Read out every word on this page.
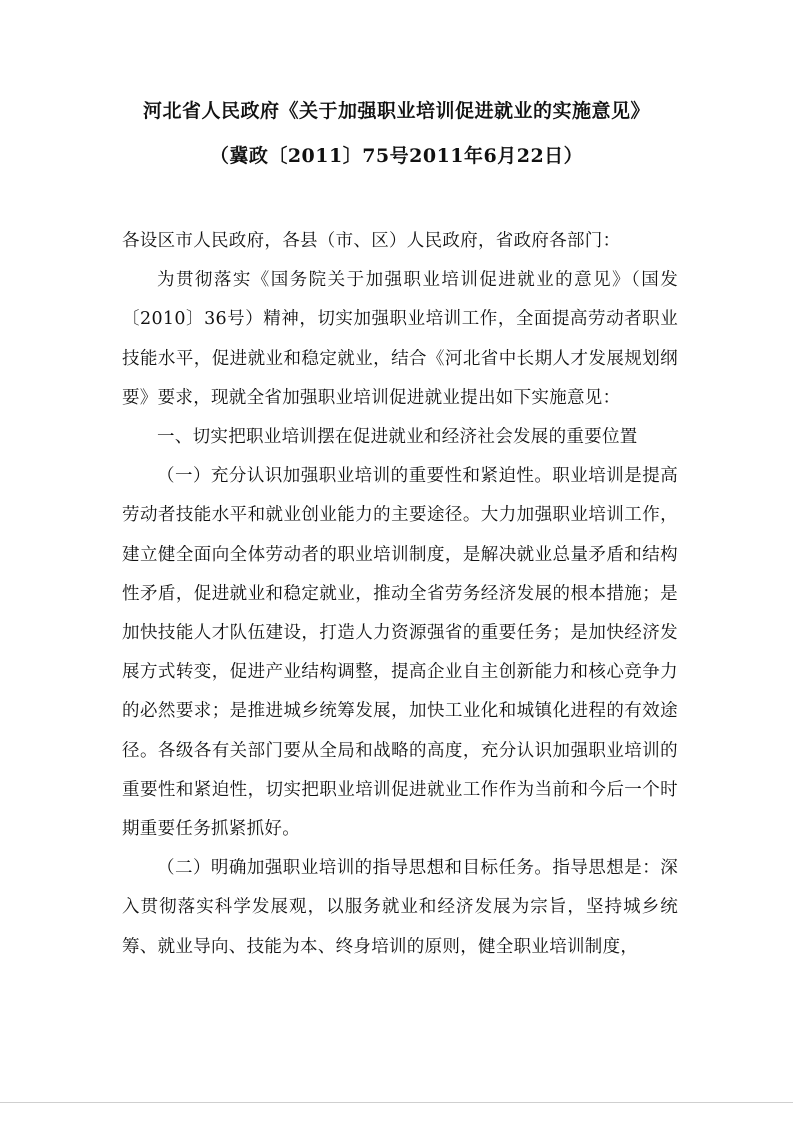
河北省人民政府《关于加强职业培训促进就业的实施意见》
（冀政〔2011〕75号2011年6月22日）

各设区市人民政府，各县（市、区）人民政府，省政府各部门：

为贯彻落实《国务院关于加强职业培训促进就业的意见》（国发〔2010〕36号）精神，切实加强职业培训工作，全面提高劳动者职业技能水平，促进就业和稳定就业，结合《河北省中长期人才发展规划纲要》要求，现就全省加强职业培训促进就业提出如下实施意见：

一、切实把职业培训摆在促进就业和经济社会发展的重要位置

（一）充分认识加强职业培训的重要性和紧迫性。职业培训是提高劳动者技能水平和就业创业能力的主要途径。大力加强职业培训工作，建立健全面向全体劳动者的职业培训制度，是解决就业总量矛盾和结构性矛盾，促进就业和稳定就业，推动全省劳务经济发展的根本措施；是加快技能人才队伍建设，打造人力资源强省的重要任务；是加快经济发展方式转变，促进产业结构调整，提高企业自主创新能力和核心竞争力的必然要求；是推进城乡统筹发展，加快工业化和城镇化进程的有效途径。各级各有关部门要从全局和战略的高度，充分认识加强职业培训的重要性和紧迫性，切实把职业培训促进就业工作作为当前和今后一个时期重要任务抓紧抓好。

（二）明确加强职业培训的指导思想和目标任务。指导思想是：深入贯彻落实科学发展观，以服务就业和经济发展为宗旨，坚持城乡统筹、就业导向、技能为本、终身培训的原则，健全职业培训制度，
